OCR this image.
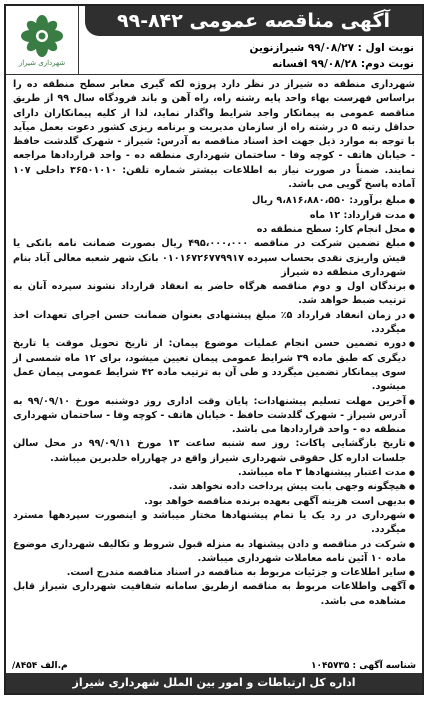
شهرداری شیراز
آگهی مناقصه عمومی ۸۴۲-۹۹
نوبت اول : ۹۹/۰۸/۲۷ شیرازنوین
نوبت دوم: ۹۹/۰۸/۲۸ افسانه

شهرداری منطقه ده شیراز در نظر دارد پروژه لکه گیری معابر سطح منطقه ده را براساس فهرست بهاء واحد پایه رشته راه، راه آهن و باند فرودگاه سال ۹۹ از طریق مناقصه عمومی به پیمانکار واجد شرایط واگذار نماید، لذا از کلیه پیمانکاران دارای حداقل رتبه ۵ در رشته راه از سازمان مدیریت و برنامه ریزی کشور دعوت بعمل میآید با توجه به موارد ذیل جهت اخذ اسناد مناقصه به آدرس: شیراز - شهرک گلدشت حافظ - خیابان هاتف - کوچه وفا - ساختمان شهرداری منطقه ده - واحد قراردادها مراجعه نمایند. ضمناً در صورت نیاز به اطلاعات بیشتر شماره تلفن: ۳۶۵۰۱۰۱۰ داخلی ۱۰۷ آماده پاسخ گویی می باشد.

● مبلغ برآورد: ۹،۸۱۶،۸۸۰،۵۵۰ ریال
● مدت قرارداد: ۱۲ ماه
● محل انجام کار: سطح منطقه ده
● مبلغ تضمین شرکت در مناقصه ۴۹۵،۰۰۰،۰۰۰ ریال بصورت ضمانت نامه بانکی یا فیش واریزی نقدی بحساب سپرده ۰۱۰۱۶۷۲۶۷۷۹۹۱۷ بانک شهر شعبه معالی آباد بنام شهرداری منطقه ده شیراز
● برندگان اول و دوم مناقصه هرگاه حاضر به انعقاد قرارداد نشوند سپرده آنان به ترتیب ضبط خواهد شد.
● در زمان انعقاد قرارداد ۵٪ مبلغ پیشنهادی بعنوان ضمانت حسن اجرای تعهدات اخذ میگردد.
● دوره تضمین حسن انجام عملیات موضوع پیمان: از تاریخ تحویل موقت یا تاریخ دیگری که طبق ماده ۳۹ شرایط عمومی پیمان تعیین میشود، برای ۱۲ ماه شمسی از سوی پیمانکار تضمین میگردد و طی آن به ترتیب ماده ۴۲ شرایط عمومی پیمان عمل میشود.
● آخرین مهلت تسلیم پیشنهادات: پایان وقت اداری روز دوشنبه مورخ ۹۹/۰۹/۱۰ به آدرس شیراز - شهرک گلدشت حافظ - خیابان هاتف - کوچه وفا - ساختمان شهرداری منطقه ده - واحد قراردادها می باشد.
● تاریخ بازگشایی پاکات: روز سه شنبه ساعت ۱۳ مورخ ۹۹/۰۹/۱۱ در محل سالن جلسات اداره کل حقوقی شهرداری شیراز واقع در چهارراه خلدبرین میباشد.
● مدت اعتبار پیشنهادها ۳ ماه میباشد.
● هیچگونه وجهی بابت پیش پرداخت داده نخواهد شد.
● بدیهی است هزینه آگهی بعهده برنده مناقصه خواهد بود.
● شهرداری در رد یک یا تمام پیشنهادها مختار میباشد و اینصورت سپردهها مسترد میگردد.
● شرکت در مناقصه و دادن پیشنهاد به منزله قبول شروط و تکالیف شهرداری موضوع ماده ۱۰ آئین نامه معاملات شهرداری میباشد.
● سایر اطلاعات و جزئیات مربوط به مناقصه در اسناد مناقصه مندرج است.
● آگهی واطلاعات مربوط به مناقصه ازطریق سامانه شفافیت شهرداری شیراز قابل مشاهده می باشد.
م.الف ۸۴۵۴/	شناسه آگهی : ۱۰۴۵۷۳۵
اداره کل ارتباطات و امور بین الملل شهرداری شیراز
